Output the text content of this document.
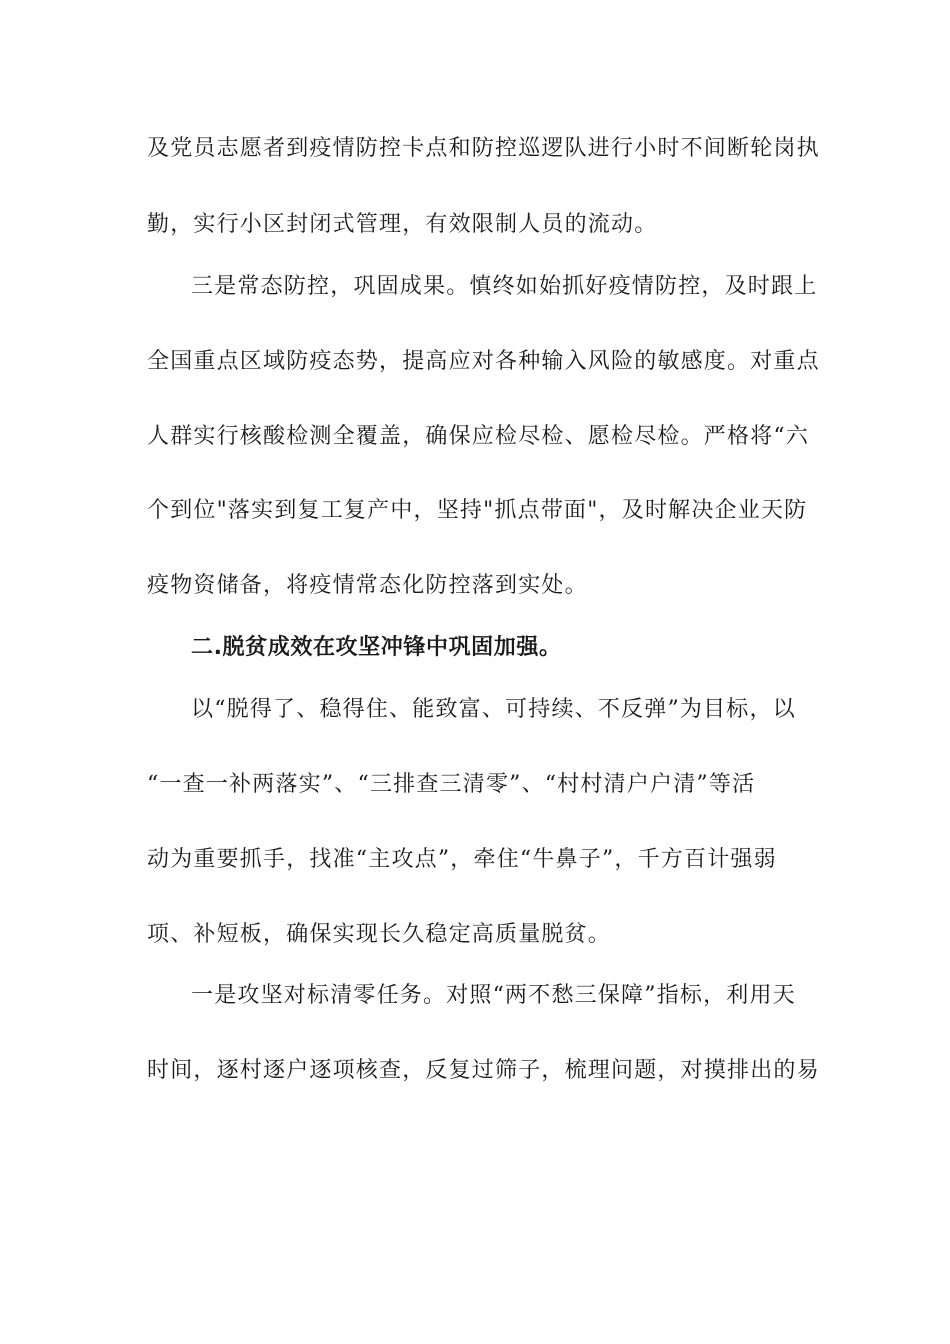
及党员志愿者到疫情防控卡点和防控巡逻队进行小时不间断轮岗执
勤，实行小区封闭式管理，有效限制人员的流动。
三是常态防控，巩固成果。慎终如始抓好疫情防控，及时跟上
全国重点区域防疫态势，提高应对各种输入风险的敏感度。对重点
人群实行核酸检测全覆盖，确保应检尽检、愿检尽检。严格将“六
个到位"落实到复工复产中，坚持"抓点带面"，及时解决企业天防
疫物资储备，将疫情常态化防控落到实处。
二.脱贫成效在攻坚冲锋中巩固加强。
以“脱得了、稳得住、能致富、可持续、不反弹”为目标，以
“一查一补两落实”、“三排查三清零”、“村村清户户清”等活
动为重要抓手，找准“主攻点”，牵住“牛鼻子”，千方百计强弱
项、补短板，确保实现长久稳定高质量脱贫。
一是攻坚对标清零任务。对照“两不愁三保障”指标，利用天
时间，逐村逐户逐项核查，反复过筛子，梳理问题，对摸排出的易
